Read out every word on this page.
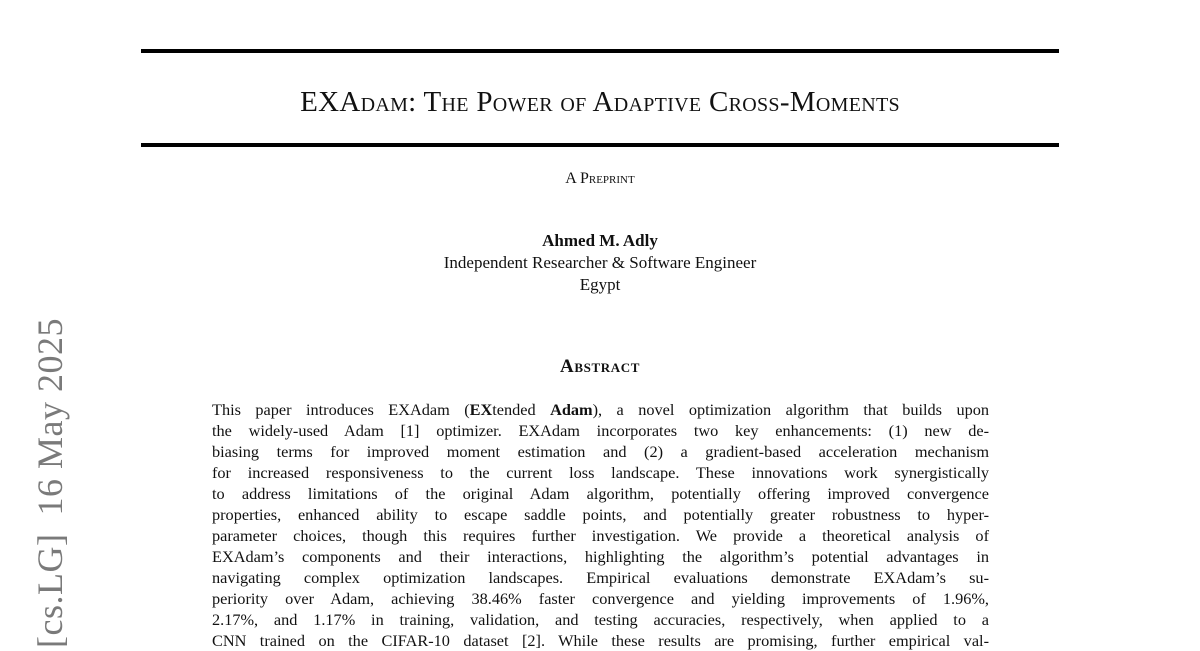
EXAdam: The Power of Adaptive Cross-Moments
A Preprint
Ahmed M. Adly
Independent Researcher & Software Engineer
Egypt
Abstract

This paper introduces EXAdam (EXtended Adam), a novel optimization algorithm that builds upon
the widely-used Adam [1] optimizer. EXAdam incorporates two key enhancements: (1) new de-
biasing terms for improved moment estimation and (2) a gradient-based acceleration mechanism
for increased responsiveness to the current loss landscape. These innovations work synergistically
to address limitations of the original Adam algorithm, potentially offering improved convergence
properties, enhanced ability to escape saddle points, and potentially greater robustness to hyper-
parameter choices, though this requires further investigation. We provide a theoretical analysis of
EXAdam’s components and their interactions, highlighting the algorithm’s potential advantages in
navigating complex optimization landscapes. Empirical evaluations demonstrate EXAdam’s su-
periority over Adam, achieving 38.46% faster convergence and yielding improvements of 1.96%,
2.17%, and 1.17% in training, validation, and testing accuracies, respectively, when applied to a
CNN trained on the CIFAR-10 dataset [2]. While these results are promising, further empirical val-

[cs.LG]16 May 2025
